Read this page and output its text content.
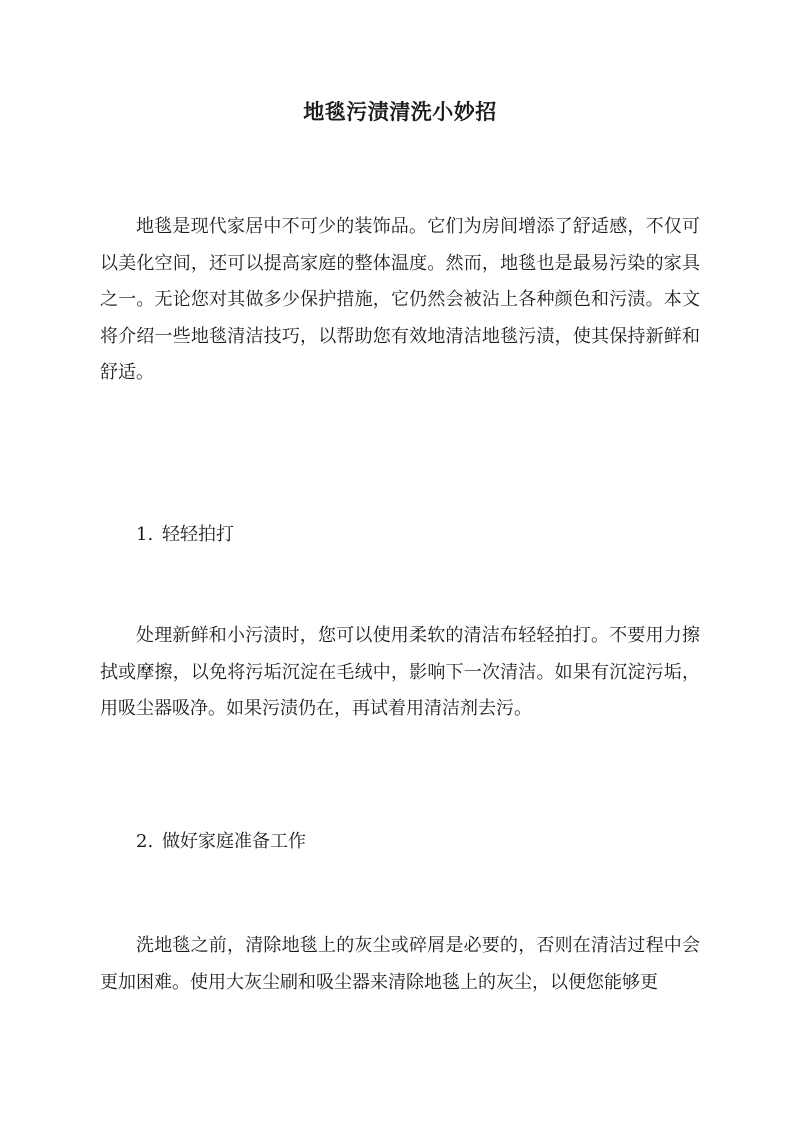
地毯污渍清洗小妙招
地毯是现代家居中不可少的装饰品。它们为房间增添了舒适感，不仅可以美化空间，还可以提高家庭的整体温度。然而，地毯也是最易污染的家具之一。无论您对其做多少保护措施，它仍然会被沾上各种颜色和污渍。本文将介绍一些地毯清洁技巧，以帮助您有效地清洁地毯污渍，使其保持新鲜和舒适。
1. 轻轻拍打
处理新鲜和小污渍时，您可以使用柔软的清洁布轻轻拍打。不要用力擦拭或摩擦，以免将污垢沉淀在毛绒中，影响下一次清洁。如果有沉淀污垢，用吸尘器吸净。如果污渍仍在，再试着用清洁剂去污。
2. 做好家庭准备工作
洗地毯之前，清除地毯上的灰尘或碎屑是必要的，否则在清洁过程中会更加困难。使用大灰尘刷和吸尘器来清除地毯上的灰尘，以便您能够更
